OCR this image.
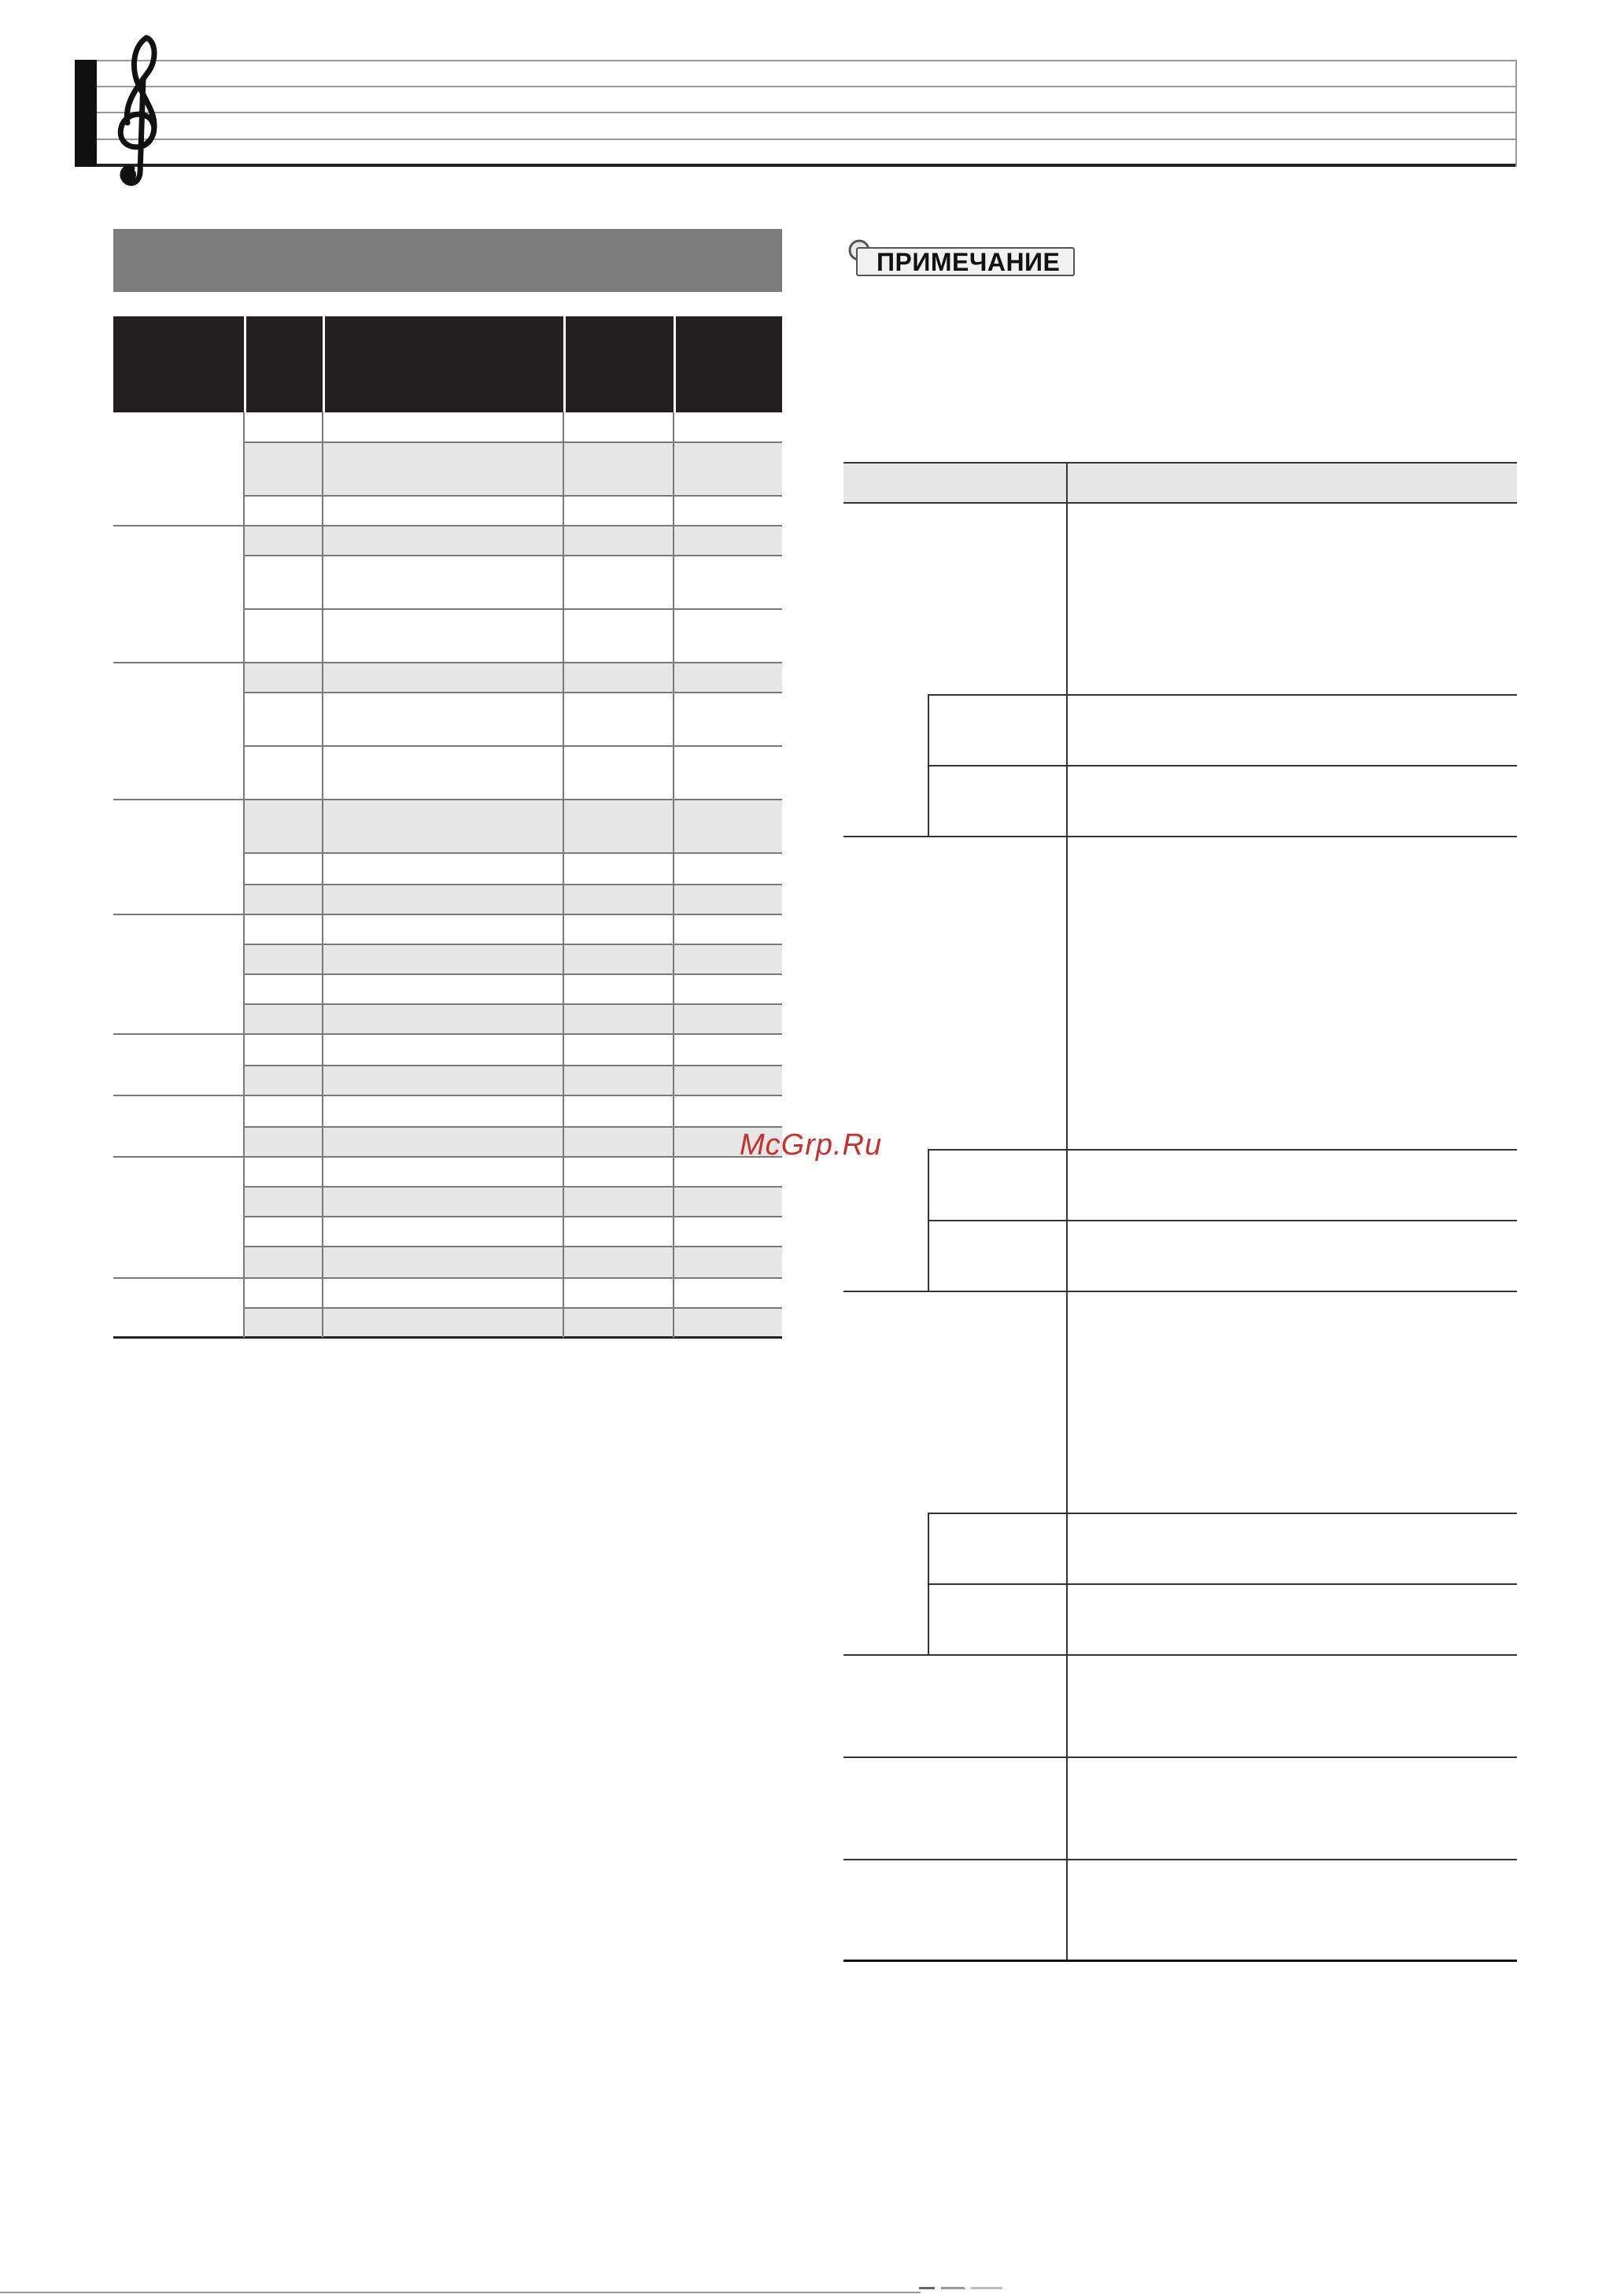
ПРИМЕЧАНИЕ
McGrp.Ru
